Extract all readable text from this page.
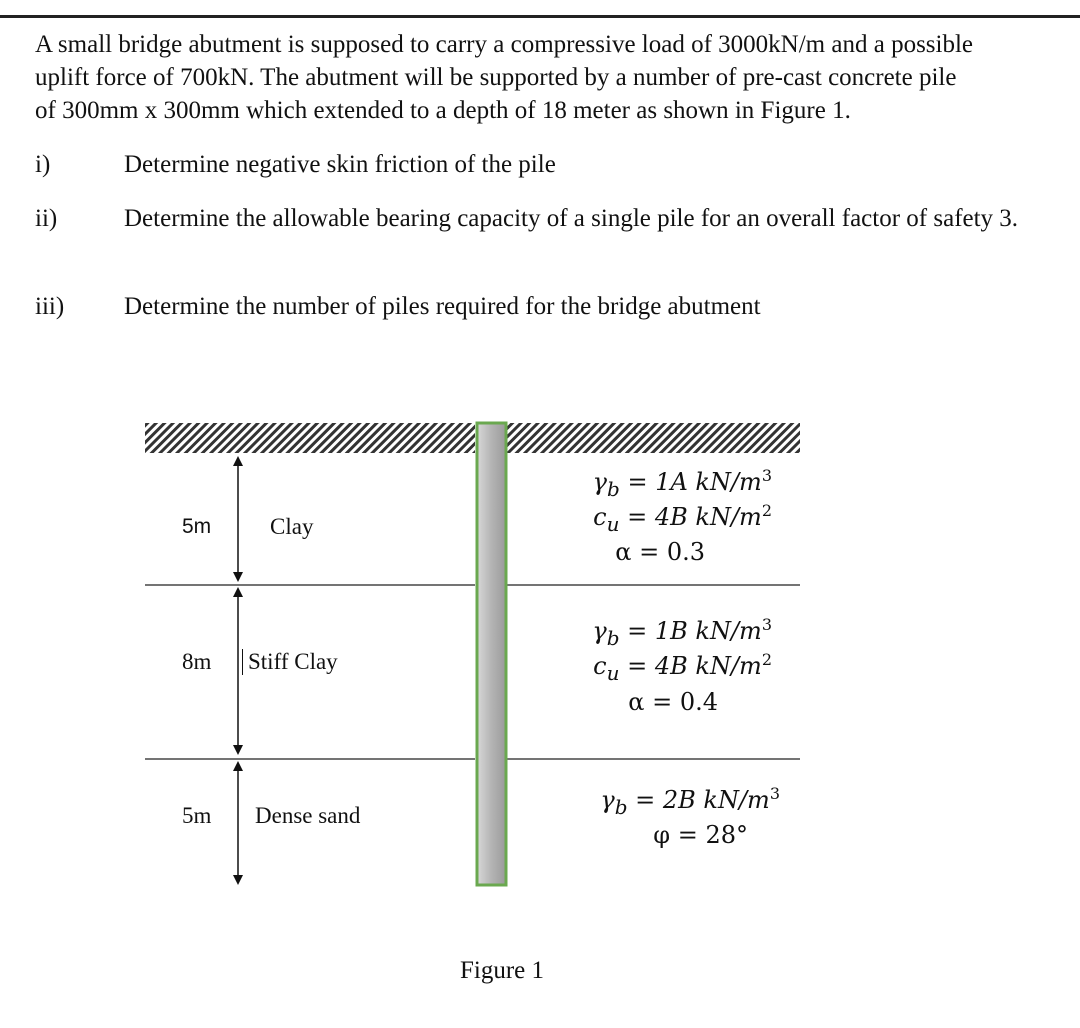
A small bridge abutment is supposed to carry a compressive load of 3000kN/m and a possible
uplift force of 700kN. The abutment will be supported by a number of pre-cast concrete pile
of 300mm x 300mm which extended to a depth of 18 meter as shown in Figure 1.
i)	Determine negative skin friction of the pile
ii)	Determine the allowable bearing capacity of a single pile for an overall factor of safety 3.
iii) Determine the number of piles required for the bridge abutment
5m	Clay
$\gamma_b = 1A$ $kN/m^3$
$c_u = 4B$ $kN/m^2$
α = 0.3
8m Stiff Clay
$\gamma_b = 1B$ $kN/m^3$
$c_u = 4B$ $kN/m^2$
α = 0.4
5m Dense sand
$\gamma_b = 2B$ $kN/m^3$
φ = 28°
Figure 1
